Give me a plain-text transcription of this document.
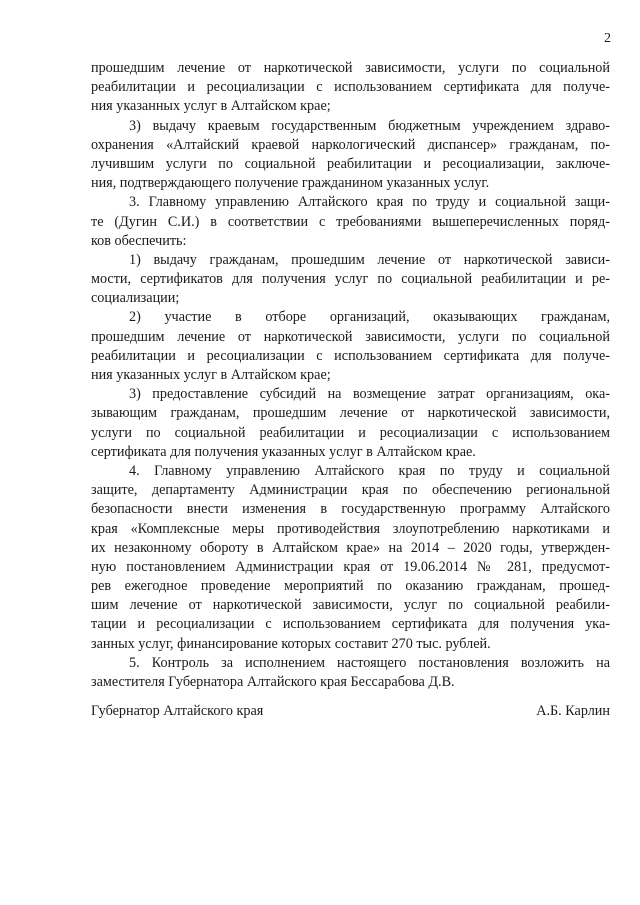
2
прошедшим лечение от наркотической зависимости, услуги по социальной
реабилитации и ресоциализации с использованием сертификата для получе-
ния указанных услуг в Алтайском крае;
3) выдачу краевым государственным бюджетным учреждением здраво-
охранения «Алтайский краевой наркологический диспансер» гражданам, по-
лучившим услуги по социальной реабилитации и ресоциализации, заключе-
ния, подтверждающего получение гражданином указанных услуг.
3. Главному управлению Алтайского края по труду и социальной защи-
те (Дугин С.И.) в соответствии с требованиями вышеперечисленных поряд-
ков обеспечить:
1) выдачу гражданам, прошедшим лечение от наркотической зависи-
мости, сертификатов для получения услуг по социальной реабилитации и ре-
социализации;
2) участие в отборе организаций, оказывающих гражданам,
прошедшим лечение от наркотической зависимости, услуги по социальной
реабилитации и ресоциализации с использованием сертификата для получе-
ния указанных услуг в Алтайском крае;
3) предоставление субсидий на возмещение затрат организациям, ока-
зывающим гражданам, прошедшим лечение от наркотической зависимости,
услуги по социальной реабилитации и ресоциализации с использованием
сертификата для получения указанных услуг в Алтайском крае.
4. Главному управлению Алтайского края по труду и социальной
защите, департаменту Администрации края по обеспечению региональной
безопасности внести изменения в государственную программу Алтайского
края «Комплексные меры противодействия злоупотреблению наркотиками и
их незаконному обороту в Алтайском крае» на 2014 – 2020 годы, утвержден-
ную постановлением Администрации края от 19.06.2014 № 281, предусмот-
рев ежегодное проведение мероприятий по оказанию гражданам, прошед-
шим лечение от наркотической зависимости, услуг по социальной реабили-
тации и ресоциализации с использованием сертификата для получения ука-
занных услуг, финансирование которых составит 270 тыс. рублей.
5. Контроль за исполнением настоящего постановления возложить на
заместителя Губернатора Алтайского края Бессарабова Д.В.
Губернатор Алтайского края	А.Б. Карлин
